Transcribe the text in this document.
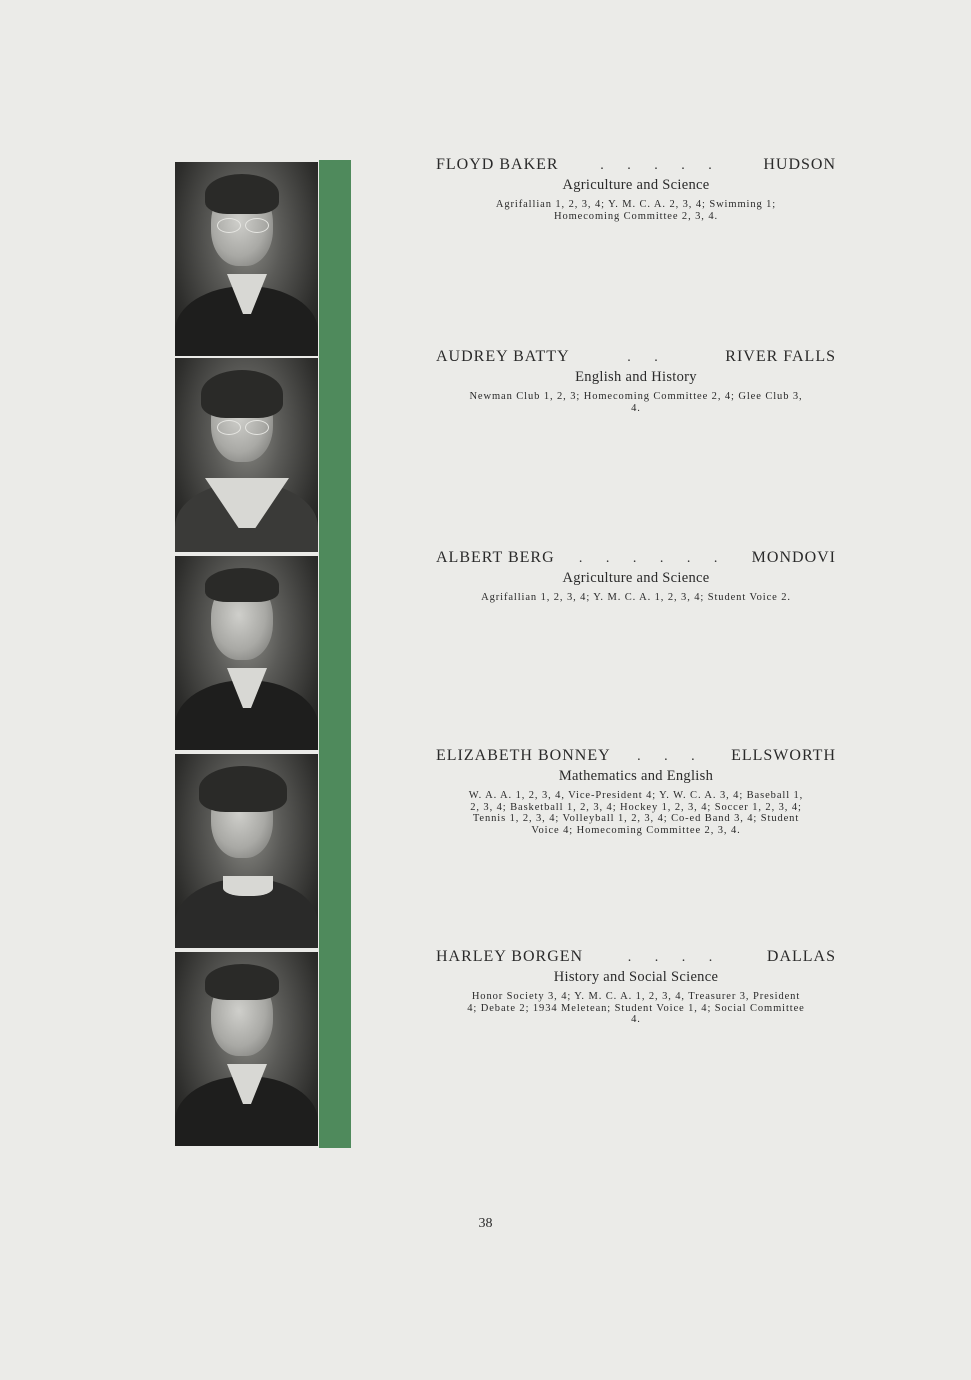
FLOYD BAKER	. . . . .	HUDSON
Agriculture and Science
Agrifallian 1, 2, 3, 4; Y. M. C. A. 2, 3, 4; Swimming 1; Homecoming Committee 2, 3, 4.
AUDREY BATTY	. .	RIVER FALLS
English and History
Newman Club 1, 2, 3; Homecoming Committee 2, 4; Glee Club 3, 4.
ALBERT BERG	. . . . . .	MONDOVI
Agriculture and Science
Agrifallian 1, 2, 3, 4; Y. M. C. A. 1, 2, 3, 4; Student Voice 2.
ELIZABETH BONNEY	. . .	ELLSWORTH
Mathematics and English
W. A. A. 1, 2, 3, 4, Vice-President 4; Y. W. C. A. 3, 4; Baseball 1, 2, 3, 4; Basketball 1, 2, 3, 4; Hockey 1, 2, 3, 4; Soccer 1, 2, 3, 4; Tennis 1, 2, 3, 4; Volleyball 1, 2, 3, 4; Co-ed Band 3, 4; Student Voice 4; Homecoming Committee 2, 3, 4.
HARLEY BORGEN	. . . .	DALLAS
History and Social Science
Honor Society 3, 4; Y. M. C. A. 1, 2, 3, 4, Treasurer 3, President 4; Debate 2; 1934 Meletean; Student Voice 1, 4; Social Committee 4.
38
